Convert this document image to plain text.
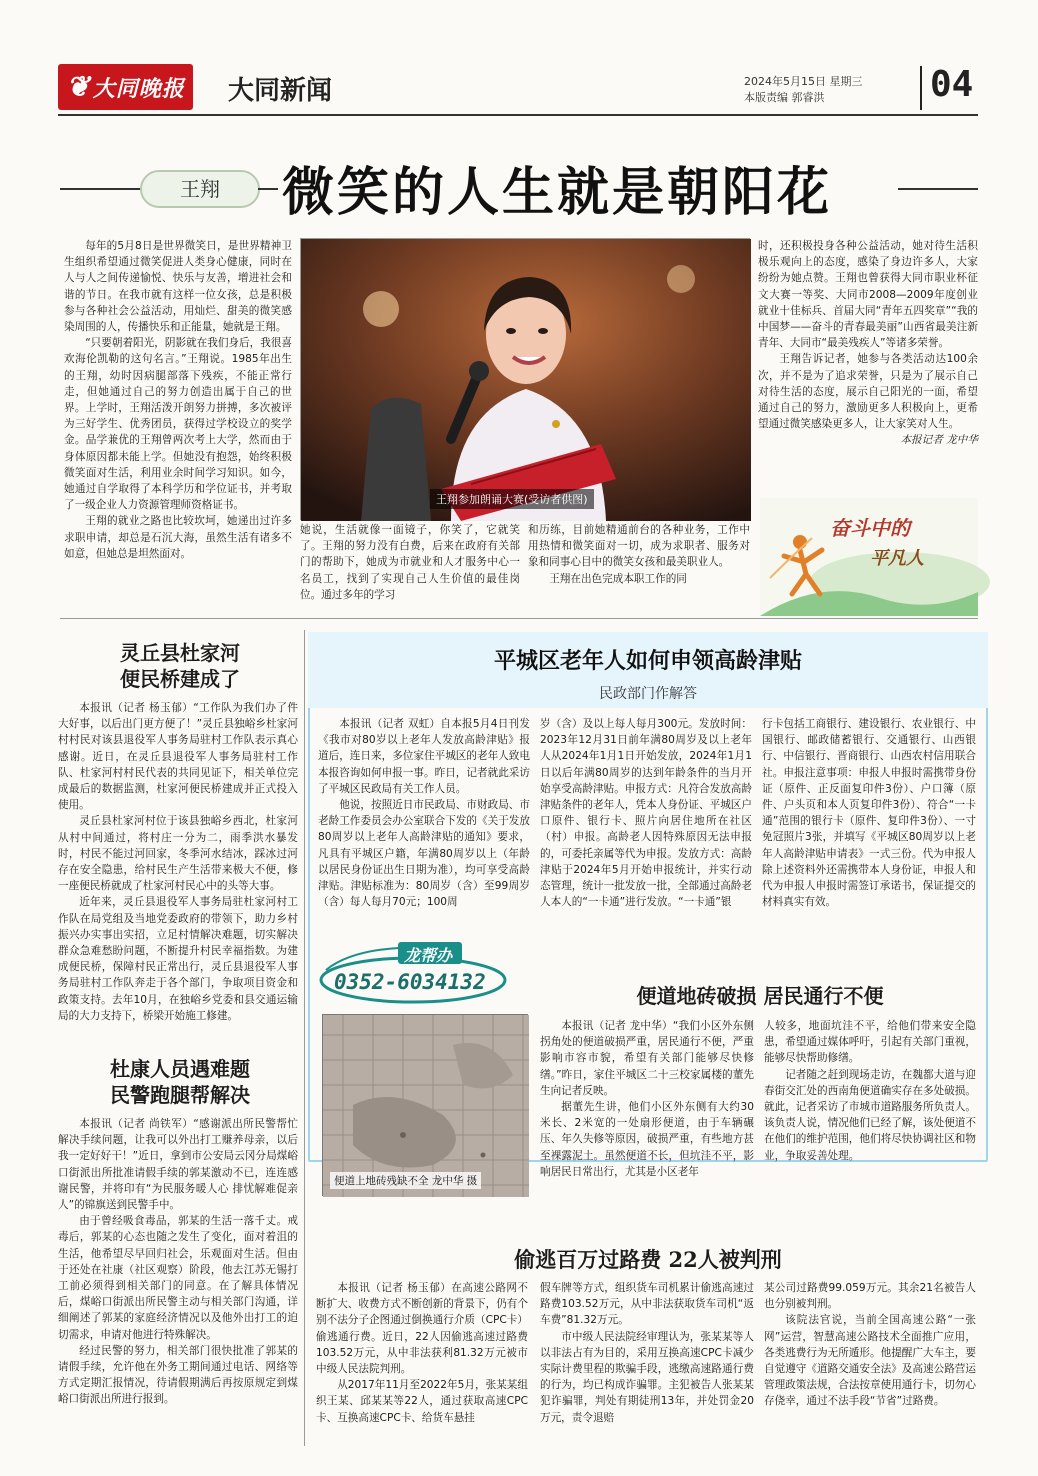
❦大同晚报	大同新闻	2024年5月15日 星期三
本版责编 郭睿洪	04
王翔	微笑的人生就是朝阳花

每年的5月8日是世界微笑日，是世界精神卫生组织希望通过微笑促进人类身心健康，同时在人与人之间传递愉悦、快乐与友善，增进社会和谐的节日。在我市就有这样一位女孩，总是积极参与各种社会公益活动，用灿烂、甜美的微笑感染周围的人，传播快乐和正能量，她就是王翔。

“只要朝着阳光，阴影就在我们身后，我很喜欢海伦凯勒的这句名言。”王翔说。1985年出生的王翔，幼时因病腿部落下残疾，不能正常行走，但她通过自己的努力创造出属于自己的世界。上学时，王翔活泼开朗努力拼搏，多次被评为三好学生、优秀团员，获得过学校设立的奖学金。品学兼优的王翔曾两次考上大学，然而由于身体原因都未能上学。但她没有抱怨，始终积极微笑面对生活，利用业余时间学习知识。如今，她通过自学取得了本科学历和学位证书，并考取了一级企业人力资源管理师资格证书。

王翔的就业之路也比较坎坷，她递出过许多求职申请，却总是石沉大海，虽然生活有诸多不如意，但她总是坦然面对。

王翔参加朗诵大赛(受访者供图)

她说，生活就像一面镜子，你笑了，它就笑了。王翔的努力没有白费，后来在政府有关部门的帮助下，她成为市就业和人才服务中心一名员工，找到了实现自己人生价值的最佳岗位。通过多年的学习

和历练，目前她精通前台的各种业务，工作中用热情和微笑面对一切，成为求职者、服务对象和同事心目中的微笑女孩和最美职业人。

王翔在出色完成本职工作的同

时，还积极投身各种公益活动，她对待生活积极乐观向上的态度，感染了身边许多人，大家纷纷为她点赞。王翔也曾获得大同市职业杯征文大赛一等奖、大同市2008—2009年度创业就业十佳标兵、首届大同“青年五四奖章”“我的中国梦——奋斗的青春最美丽”山西省最美注新青年、大同市“最美残疾人”等诸多荣誉。

王翔告诉记者，她参与各类活动达100余次，并不是为了追求荣誉，只是为了展示自己对待生活的态度，展示自己阳光的一面，希望通过自己的努力，激励更多人积极向上，更希望通过微笑感染更多人，让大家笑对人生。

本报记者 龙中华

奋斗中的
平凡人
灵丘县杜家河
便民桥建成了

本报讯（记者 杨玉郁）“工作队为我们办了件大好事，以后出门更方便了！”灵丘县独峪乡杜家河村村民对该县退役军人事务局驻村工作队表示真心感谢。近日，在灵丘县退役军人事务局驻村工作队、杜家河村村民代表的共同见证下，相关单位完成最后的数据监测，杜家河便民桥建成并正式投入使用。

灵丘县杜家河村位于该县独峪乡西北，杜家河从村中间通过，将村庄一分为二，雨季洪水暴发时，村民不能过河回家，冬季河水结冰，踩冰过河存在安全隐患，给村民生产生活带来极大不便，修一座便民桥就成了杜家河村民心中的头等大事。

近年来，灵丘县退役军人事务局驻杜家河村工作队在局党组及当地党委政府的带领下，助力乡村振兴办实事出实招，立足村情解决难题，切实解决群众急难愁盼问题，不断提升村民幸福指数。为建成便民桥，保障村民正常出行，灵丘县退役军人事务局驻村工作队奔走于各个部门，争取项目资金和政策支持。去年10月，在独峪乡党委和县交通运输局的大力支持下，桥梁开始施工修建。

杜康人员遇难题
民警跑腿帮解决

本报讯（记者 尚铁军）“感谢派出所民警帮忙解决手续问题，让我可以外出打工赚养母亲，以后我一定好好干！”近日，拿到市公安局云冈分局煤峪口街派出所批准请假手续的郭某激动不已，连连感谢民警，并将印有“为民服务暖人心 排忧解难促亲人”的锦旗送到民警手中。

由于曾经吸食毒品，郭某的生活一落千丈。戒毒后，郭某的心态也随之发生了变化，面对着沮的生活，他希望尽早回归社会，乐观面对生活。但由于还处在社康（社区观察）阶段，他去江苏无锡打工前必须得到相关部门的同意。在了解具体情况后，煤峪口街派出所民警主动与相关部门沟通，详细阐述了郭某的家庭经济情况以及他外出打工的迫切需求，申请对他进行特殊解决。

经过民警的努力，相关部门很快批准了郭某的请假手续，允许他在外务工期间通过电话、网络等方式定期汇报情况，待请假期满后再按原规定到煤峪口街派出所进行报到。

平城区老年人如何申领高龄津贴
民政部门作解答

本报讯（记者 双虹）自本报5月4日刊发《我市对80岁以上老年人发放高龄津贴》报道后，连日来，多位家住平城区的老年人致电本报咨询如何申报一事。昨日，记者就此采访了平城区民政局有关工作人员。

他说，按照近日市民政局、市财政局、市老龄工作委员会办公室联合下发的《关于发放80周岁以上老年人高龄津贴的通知》要求，凡具有平城区户籍，年满80周岁以上（年龄以居民身份证出生日期为准），均可享受高龄津贴。津贴标准为：80周岁（含）至99周岁（含）每人每月70元；100周

岁（含）及以上每人每月300元。发放时间：2023年12月31日前年满80周岁及以上老年人从2024年1月1日开始发放，2024年1月1日以后年满80周岁的达到年龄条件的当月开始享受高龄津贴。申报方式：凡符合发放高龄津贴条件的老年人，凭本人身份证、平城区户口原件、银行卡、照片向居住地所在社区（村）申报。高龄老人因特殊原因无法申报的，可委托亲属等代为申报。发放方式：高龄津贴于2024年5月开始申报统计，并实行动态管理，统计一批发放一批，全部通过高龄老人本人的“一卡通”进行发放。“一卡通”银

行卡包括工商银行、建设银行、农业银行、中国银行、邮政储蓄银行、交通银行、山西银行、中信银行、晋商银行、山西农村信用联合社。申报注意事项：申报人申报时需携带身份证（原件、正反面复印件3份）、户口簿（原件、户头页和本人页复印件3份）、符合“一卡通”范围的银行卡（原件、复印件3份）、一寸免冠照片3张，并填写《平城区80周岁以上老年人高龄津贴申请表》一式三份。代为申报人除上述资料外还需携带本人身份证，申报人和代为申报人申报时需签订承诺书，保证提交的材料真实有效。

龙帮办
0352-6034132
便道上地砖残缺不全 龙中华 摄
便道地砖破损 居民通行不便

本报讯（记者 龙中华）“我们小区外东侧拐角处的便道破损严重，居民通行不便，严重影响市容市貌，希望有关部门能够尽快修缮。”昨日，家住平城区二十三校家属楼的董先生向记者反映。

据董先生讲，他们小区外东侧有大约30米长、2米宽的一处扇形便道，由于车辆碾压、年久失修等原因，破损严重，有些地方甚至裸露泥土。虽然便道不长，但坑洼不平，影响居民日常出行，尤其是小区老年

人较多，地面坑洼不平，给他们带来安全隐患，希望通过媒体呼吁，引起有关部门重视，能够尽快帮助修缮。

记者随之赶到现场走访，在魏都大道与迎春街交汇处的西南角便道确实存在多处破损。就此，记者采访了市城市道路服务所负责人。该负责人说，情况他们已经了解，该处便道不在他们的维护范围，他们将尽快协调社区和物业，争取妥善处理。

偷逃百万过路费 22人被判刑

本报讯（记者 杨玉郁）在高速公路网不断扩大、收费方式不断创新的背景下，仍有个别不法分子企图通过倒换通行介质（CPC卡）偷逃通行费。近日，22人因偷逃高速过路费103.52万元，从中非法获利81.32万元被市中级人民法院判刑。

从2017年11月至2022年5月，张某某组织王某、邱某某等22人，通过获取高速CPC卡、互换高速CPC卡、给货车悬挂

假车牌等方式，组织货车司机累计偷逃高速过路费103.52万元，从中非法获取货车司机“返车费”81.32万元。

市中级人民法院经审理认为，张某某等人以非法占有为目的，采用互换高速CPC卡减少实际计费里程的欺骗手段，逃缴高速路通行费的行为，均已构成诈骗罪。主犯被告人张某某犯诈骗罪，判处有期徒刑13年，并处罚金20万元，责令退赔

某公司过路费99.059万元。其余21名被告人也分别被判刑。

该院法官说，当前全国高速公路“一张网”运营，智慧高速公路技术全面推广应用，各类逃费行为无所遁形。他提醒广大车主，要自觉遵守《道路交通安全法》及高速公路营运管理政策法规，合法按章使用通行卡，切勿心存侥幸，通过不法手段“节省”过路费。
